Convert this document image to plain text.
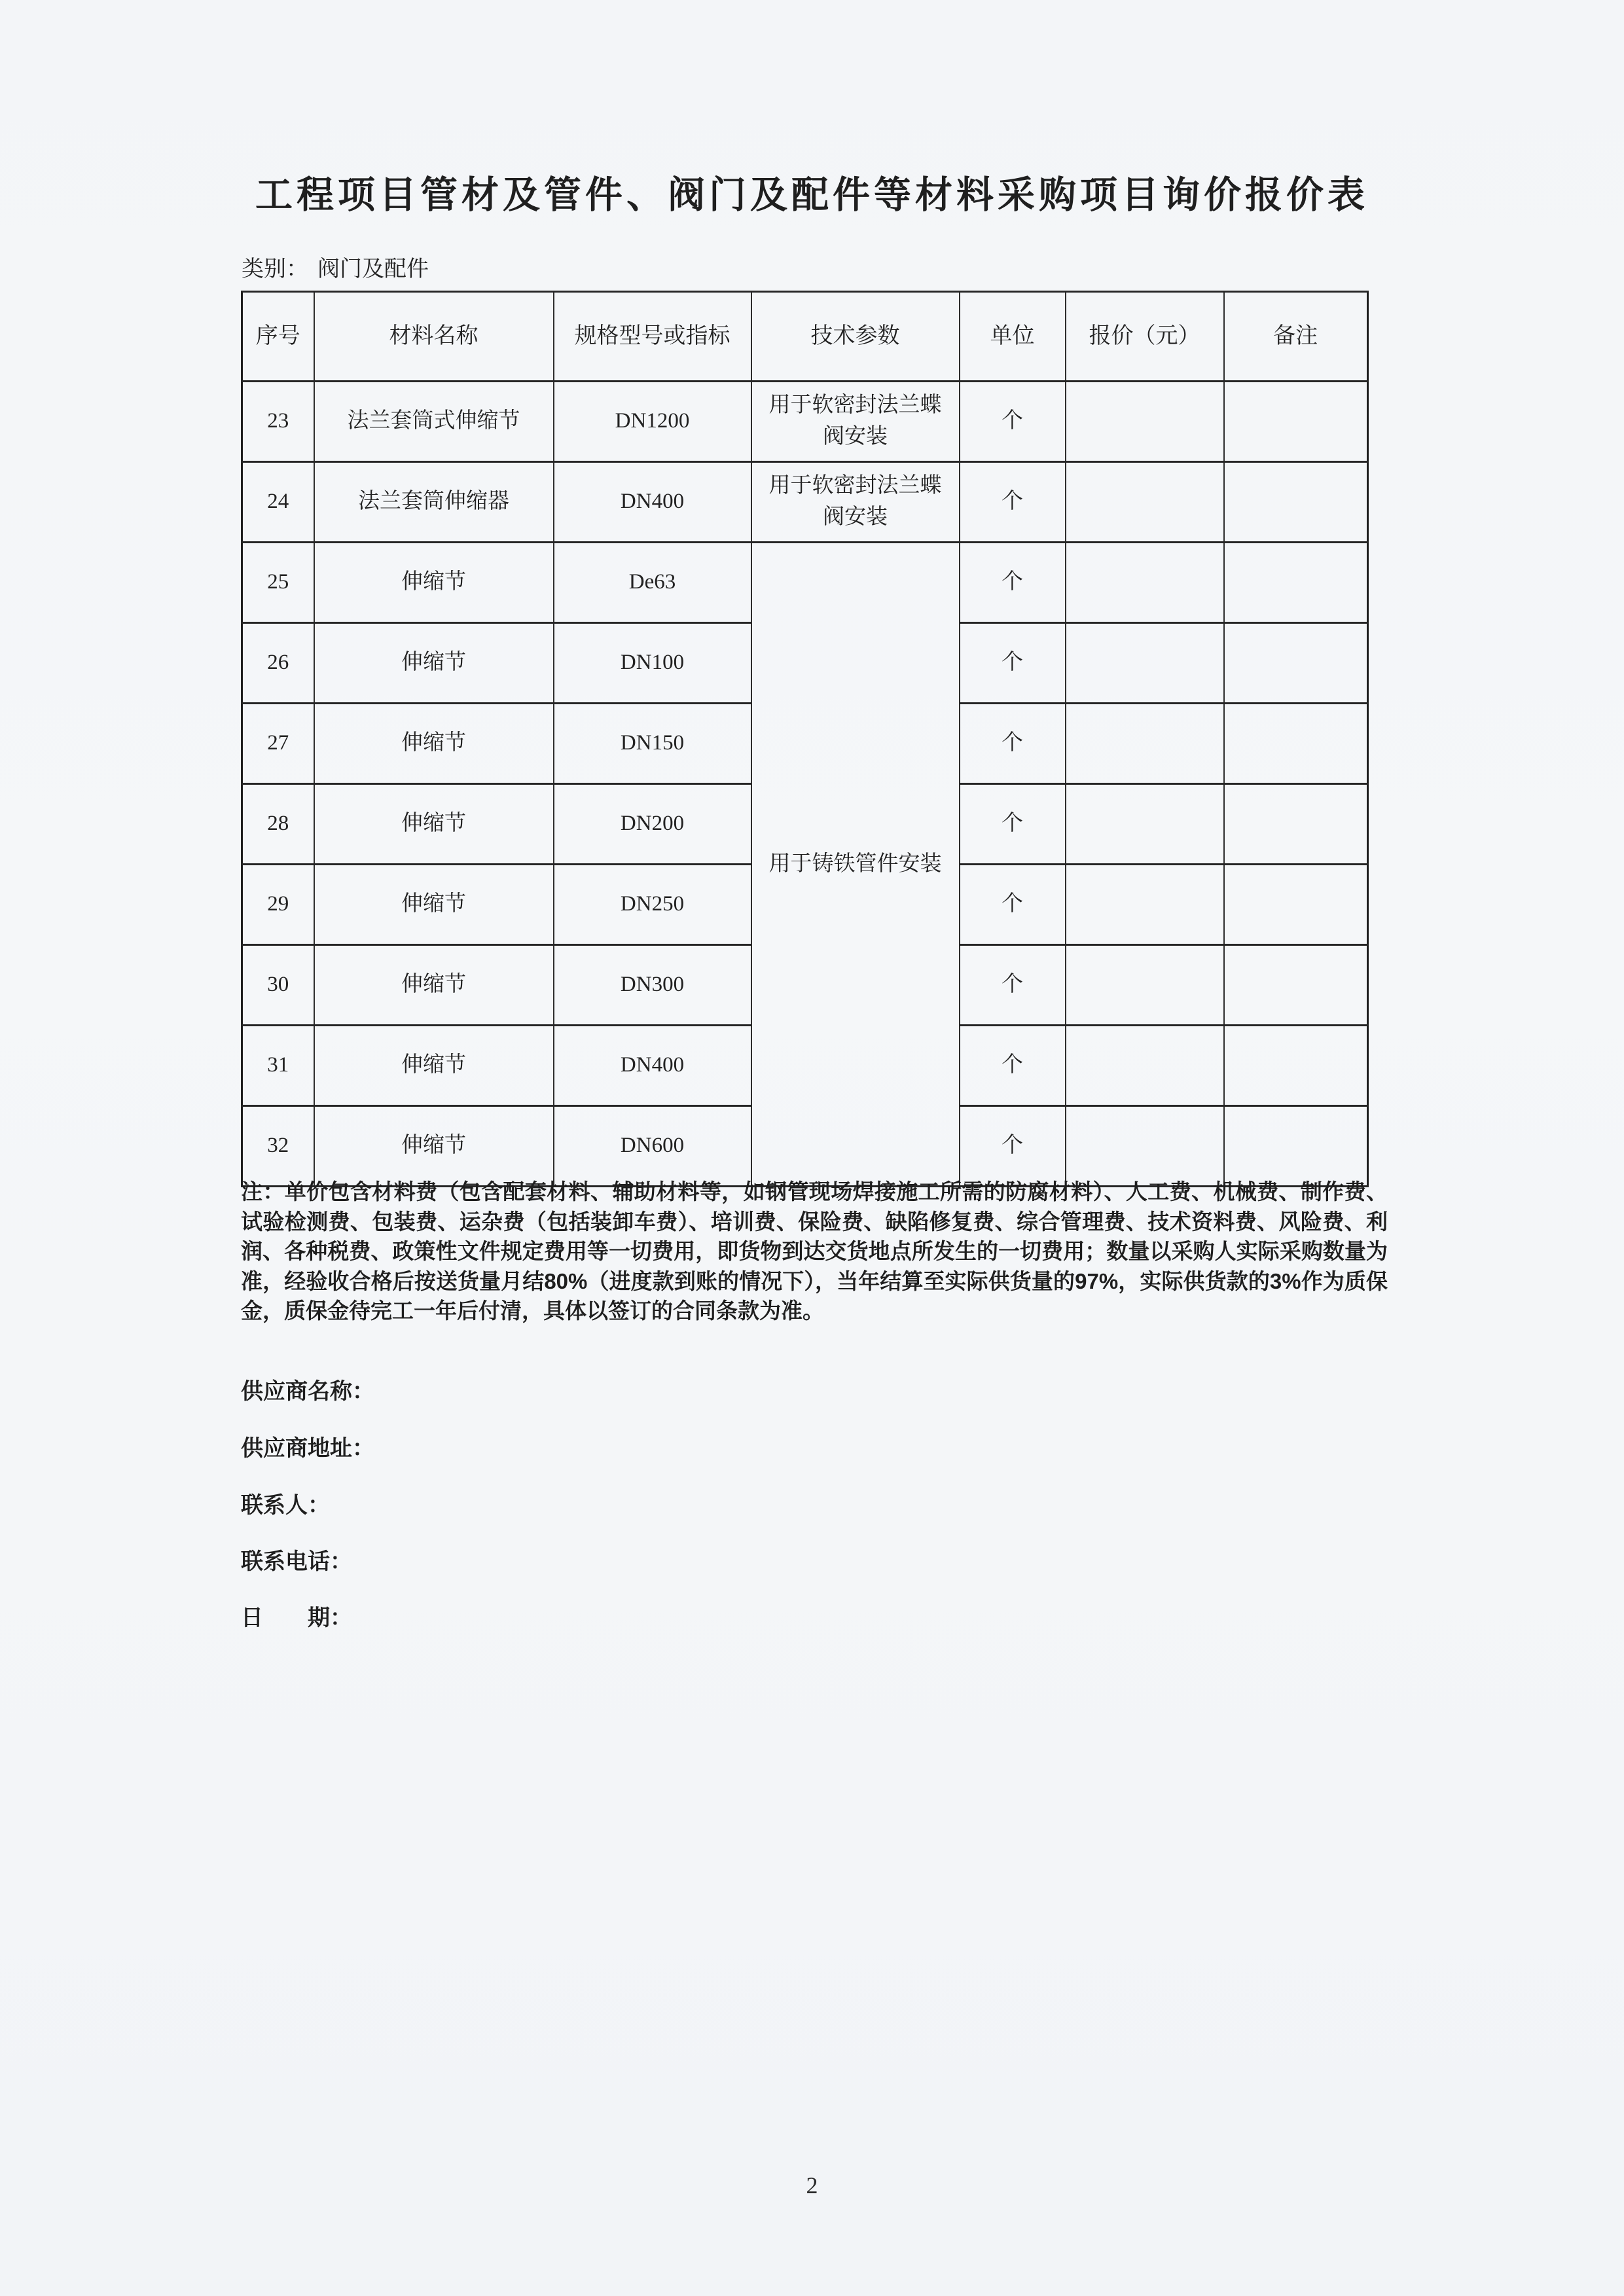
工程项目管材及管件、阀门及配件等材料采购项目询价报价表
类别： 阀门及配件
序号	材料名称	规格型号或指标	技术参数	单位	报价（元）	备注
23	法兰套筒式伸缩节	DN1200	用于软密封法兰蝶阀安装	个		
24	法兰套筒伸缩器	DN400	用于软密封法兰蝶阀安装	个		
25	伸缩节	De63	用于铸铁管件安装	个		
26	伸缩节	DN100		个		
27	伸缩节	DN150		个		
28	伸缩节	DN200		个		
29	伸缩节	DN250		个		
30	伸缩节	DN300		个		
31	伸缩节	DN400		个		
32	伸缩节	DN600		个		
注：单价包含材料费（包含配套材料、辅助材料等，如钢管现场焊接施工所需的防腐材料）、人工费、机械费、制作费、试验检测费、包装费、运杂费（包括装卸车费）、培训费、保险费、缺陷修复费、综合管理费、技术资料费、风险费、利润、各种税费、政策性文件规定费用等一切费用，即货物到达交货地点所发生的一切费用；数量以采购人实际采购数量为准，经验收合格后按送货量月结80%（进度款到账的情况下），当年结算至实际供货量的97%，实际供货款的3%作为质保金，质保金待完工一年后付清，具体以签订的合同条款为准。
供应商名称：
供应商地址：
联系人：
联系电话：
日　　期：
2
